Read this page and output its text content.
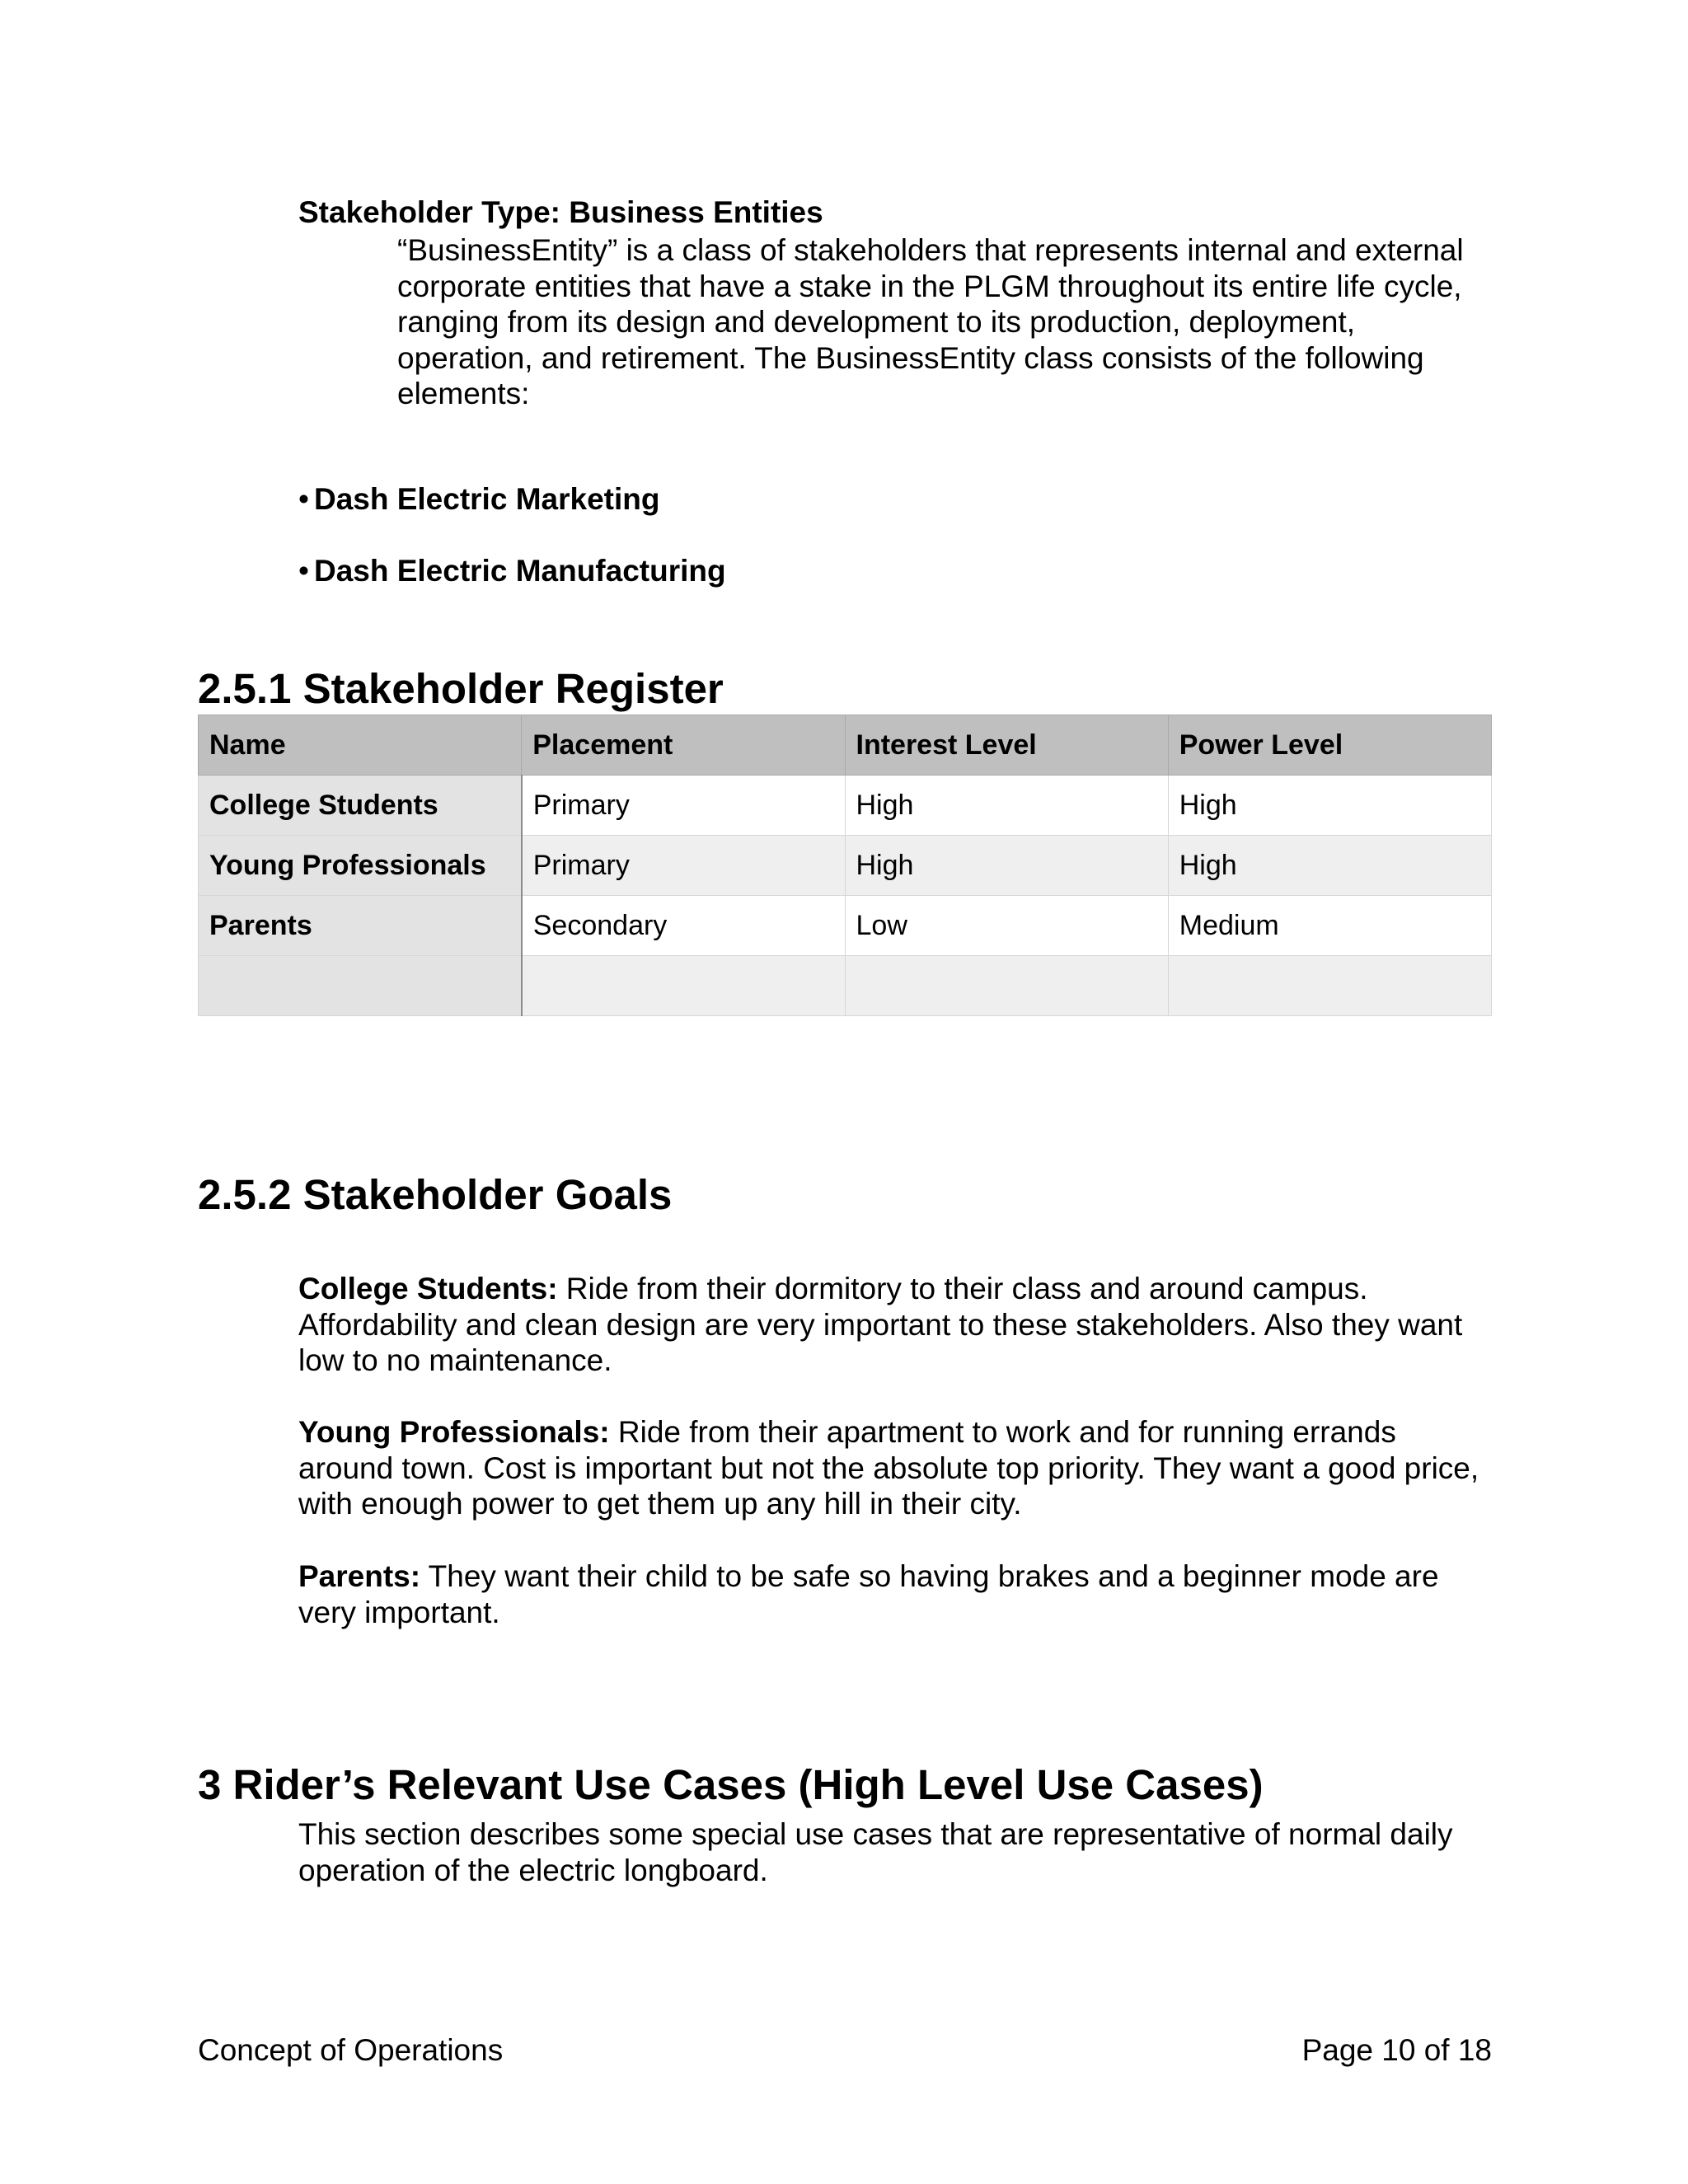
Stakeholder Type: Business Entities
“BusinessEntity” is a class of stakeholders that represents internal and external corporate entities that have a stake in the PLGM throughout its entire life cycle, ranging from its design and development to its production, deployment, operation, and retirement. The BusinessEntity class consists of the following elements:
• Dash Electric Marketing
• Dash Electric Manufacturing
2.5.1 Stakeholder Register
Name	Placement	Interest Level	Power Level
College Students	Primary	High	High
Young Professionals	Primary	High	High
Parents	Secondary	Low	Medium

2.5.2 Stakeholder Goals
College Students: Ride from their dormitory to their class and around campus. Affordability and clean design are very important to these stakeholders. Also they want low to no maintenance.
Young Professionals: Ride from their apartment to work and for running errands around town. Cost is important but not the absolute top priority. They want a good price, with enough power to get them up any hill in their city.
Parents: They want their child to be safe so having brakes and a beginner mode are very important.
3 Rider’s Relevant Use Cases (High Level Use Cases)
This section describes some special use cases that are representative of normal daily operation of the electric longboard.
Concept of Operations	Page 10 of 18
